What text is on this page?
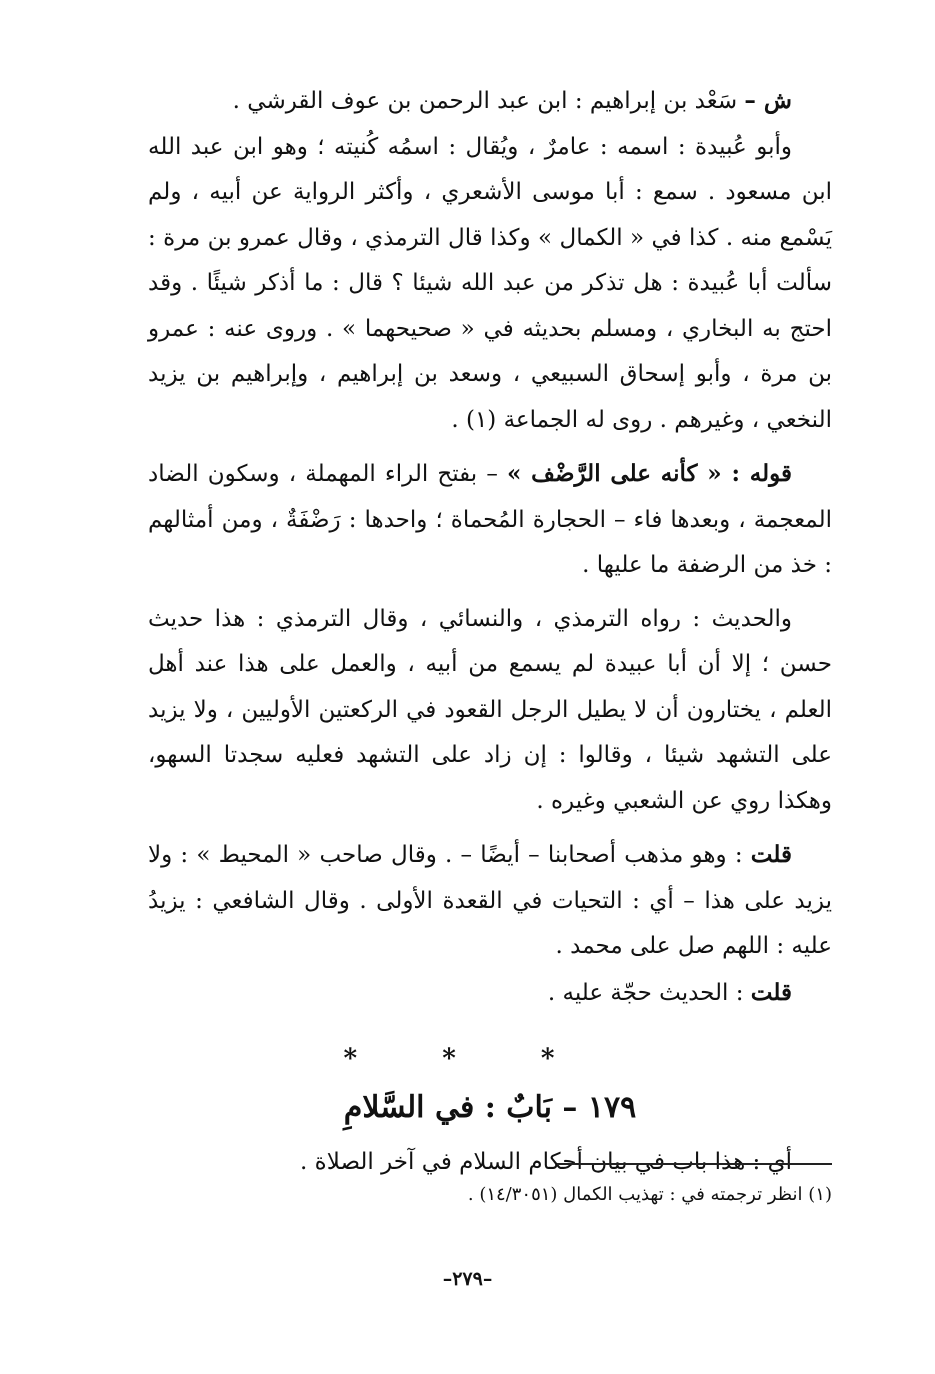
ش – سَعْد بن إبراهيم : ابن عبد الرحمن بن عوف القرشي .

وأبو عُبيدة : اسمه : عامرٌ ، ويُقال : اسمُه كُنيته ؛ وهو ابن عبد الله ابن مسعود . سمع : أبا موسى الأشعري ، وأكثر الرواية عن أبيه ، ولم يَسْمع منه . كذا في « الكمال » وكذا قال الترمذي ، وقال عمرو بن مرة : سألت أبا عُبيدة : هل تذكر من عبد الله شيئا ؟ قال : ما أذكر شيئًا . وقد احتج به البخاري ، ومسلم بحديثه في « صحيحهما » . وروى عنه : عمرو بن مرة ، وأبو إسحاق السبيعي ، وسعد بن إبراهيم ، وإبراهيم بن يزيد النخعي ، وغيرهم . روى له الجماعة (١) .

قوله : « كأنه على الرَّضْف » – بفتح الراء المهملة ، وسكون الضاد المعجمة ، وبعدها فاء – الحجارة المُحماة ؛ واحدها : رَضْفَةٌ ، ومن أمثالهم : خذ من الرضفة ما عليها .

والحديث : رواه الترمذي ، والنسائي ، وقال الترمذي : هذا حديث حسن ؛ إلا أن أبا عبيدة لم يسمع من أبيه ، والعمل على هذا عند أهل العلم ، يختارون أن لا يطيل الرجل القعود في الركعتين الأوليين ، ولا يزيد على التشهد شيئا ، وقالوا : إن زاد على التشهد فعليه سجدتا السهو، وهكذا روي عن الشعبي وغيره .

قلت : وهو مذهب أصحابنا – أيضًا – . وقال صاحب « المحيط » : ولا يزيد على هذا – أي : التحيات في القعدة الأولى . وقال الشافعي : يزيدُ عليه : اللهم صل على محمد .

قلت : الحديث حجّة عليه .

* * *
١٧٩ – بَابٌ : في السَّلامِ

أي : هذا باب في بيان أحكام السلام في آخر الصلاة .

(١) انظر ترجمته في : تهذيب الكمال (١٤/٣٠٥١) .
–٢٧٩–
